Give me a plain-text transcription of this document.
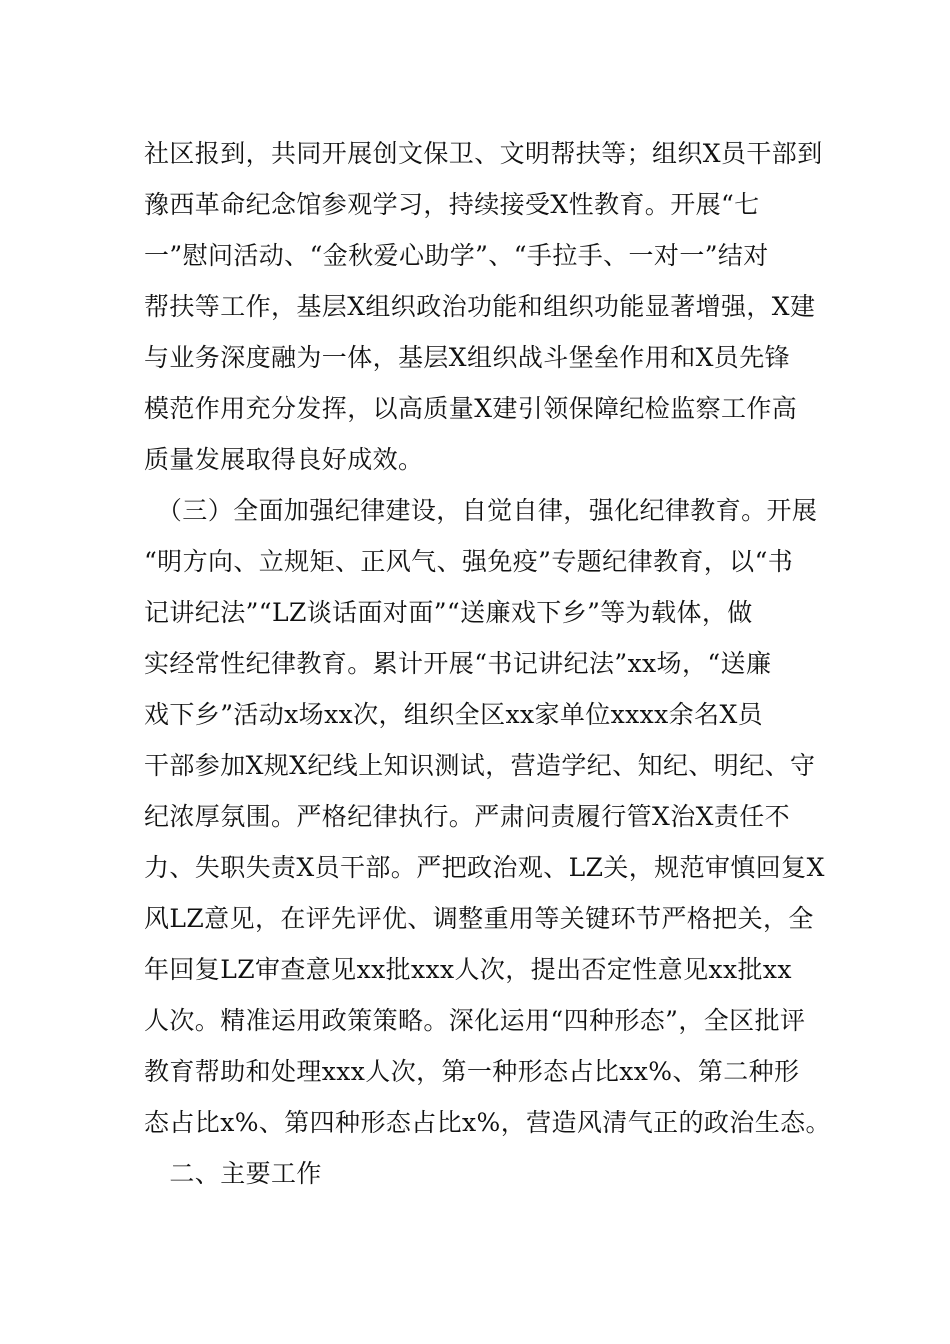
社区报到，共同开展创文保卫、文明帮扶等；组织X员干部到
豫西革命纪念馆参观学习，持续接受X性教育。开展“七
一”慰问活动、“金秋爱心助学”、“手拉手、一对一”结对
帮扶等工作，基层X组织政治功能和组织功能显著增强，X建
与业务深度融为一体，基层X组织战斗堡垒作用和X员先锋
模范作用充分发挥，以高质量X建引领保障纪检监察工作高
质量发展取得良好成效。
　（三）全面加强纪律建设，自觉自律，强化纪律教育。开展
“明方向、立规矩、正风气、强免疫”专题纪律教育，以“书
记讲纪法”“LZ谈话面对面”“送廉戏下乡”等为载体，做
实经常性纪律教育。累计开展“书记讲纪法”xx场，“送廉
戏下乡”活动x场xx次，组织全区xx家单位xxxx余名X员
干部参加X规X纪线上知识测试，营造学纪、知纪、明纪、守
纪浓厚氛围。严格纪律执行。严肃问责履行管X治X责任不
力、失职失责X员干部。严把政治观、LZ关，规范审慎回复X
风LZ意见，在评先评优、调整重用等关键环节严格把关，全
年回复LZ审查意见xx批xxx人次，提出否定性意见xx批xx
人次。精准运用政策策略。深化运用“四种形态”，全区批评
教育帮助和处理xxx人次，第一种形态占比xx%、第二种形
态占比x%、第四种形态占比x%，营造风清气正的政治生态。
　二、主要工作
